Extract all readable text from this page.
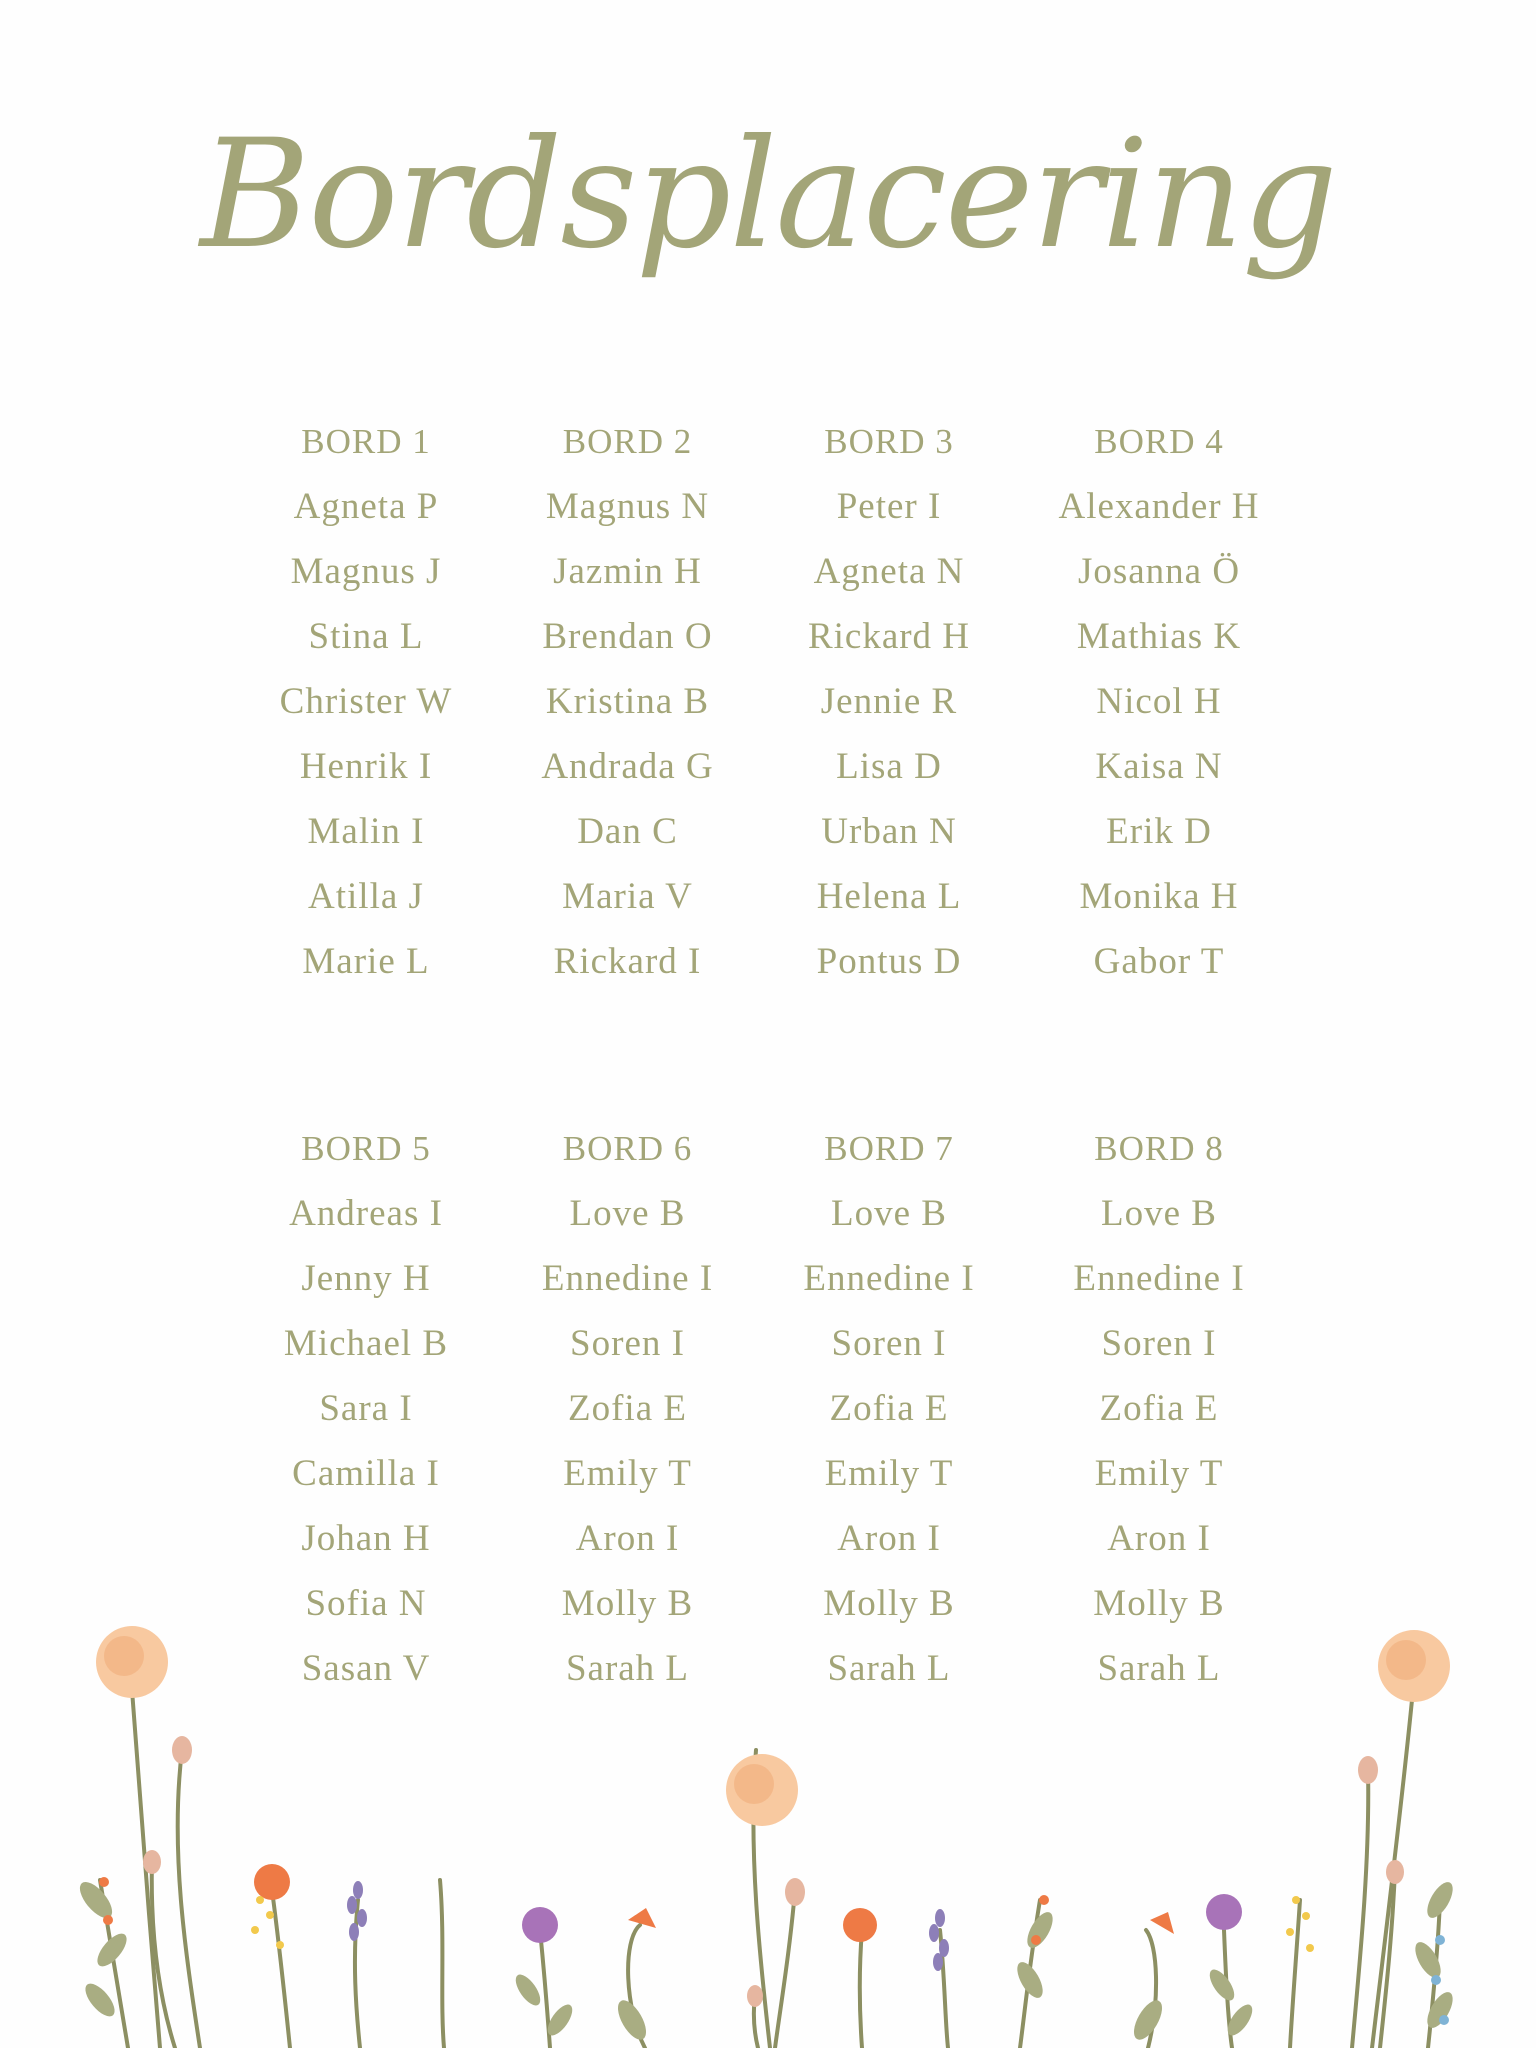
Bordsplacering
BORD 1
Agneta P
Magnus J
Stina L
Christer W
Henrik I
Malin I
Atilla J
Marie L
BORD 2
Magnus N
Jazmin H
Brendan O
Kristina B
Andrada G
Dan C
Maria V
Rickard I
BORD 3
Peter I
Agneta N
Rickard H
Jennie R
Lisa D
Urban N
Helena L
Pontus D
BORD 4
Alexander H
Josanna Ö
Mathias K
Nicol H
Kaisa N
Erik D
Monika H
Gabor T
BORD 5
Andreas I
Jenny H
Michael B
Sara I
Camilla I
Johan H
Sofia N
Sasan V
BORD 6
Love B
Ennedine I
Soren I
Zofia E
Emily T
Aron I
Molly B
Sarah L
BORD 7
Love B
Ennedine I
Soren I
Zofia E
Emily T
Aron I
Molly B
Sarah L
BORD 8
Love B
Ennedine I
Soren I
Zofia E
Emily T
Aron I
Molly B
Sarah L
